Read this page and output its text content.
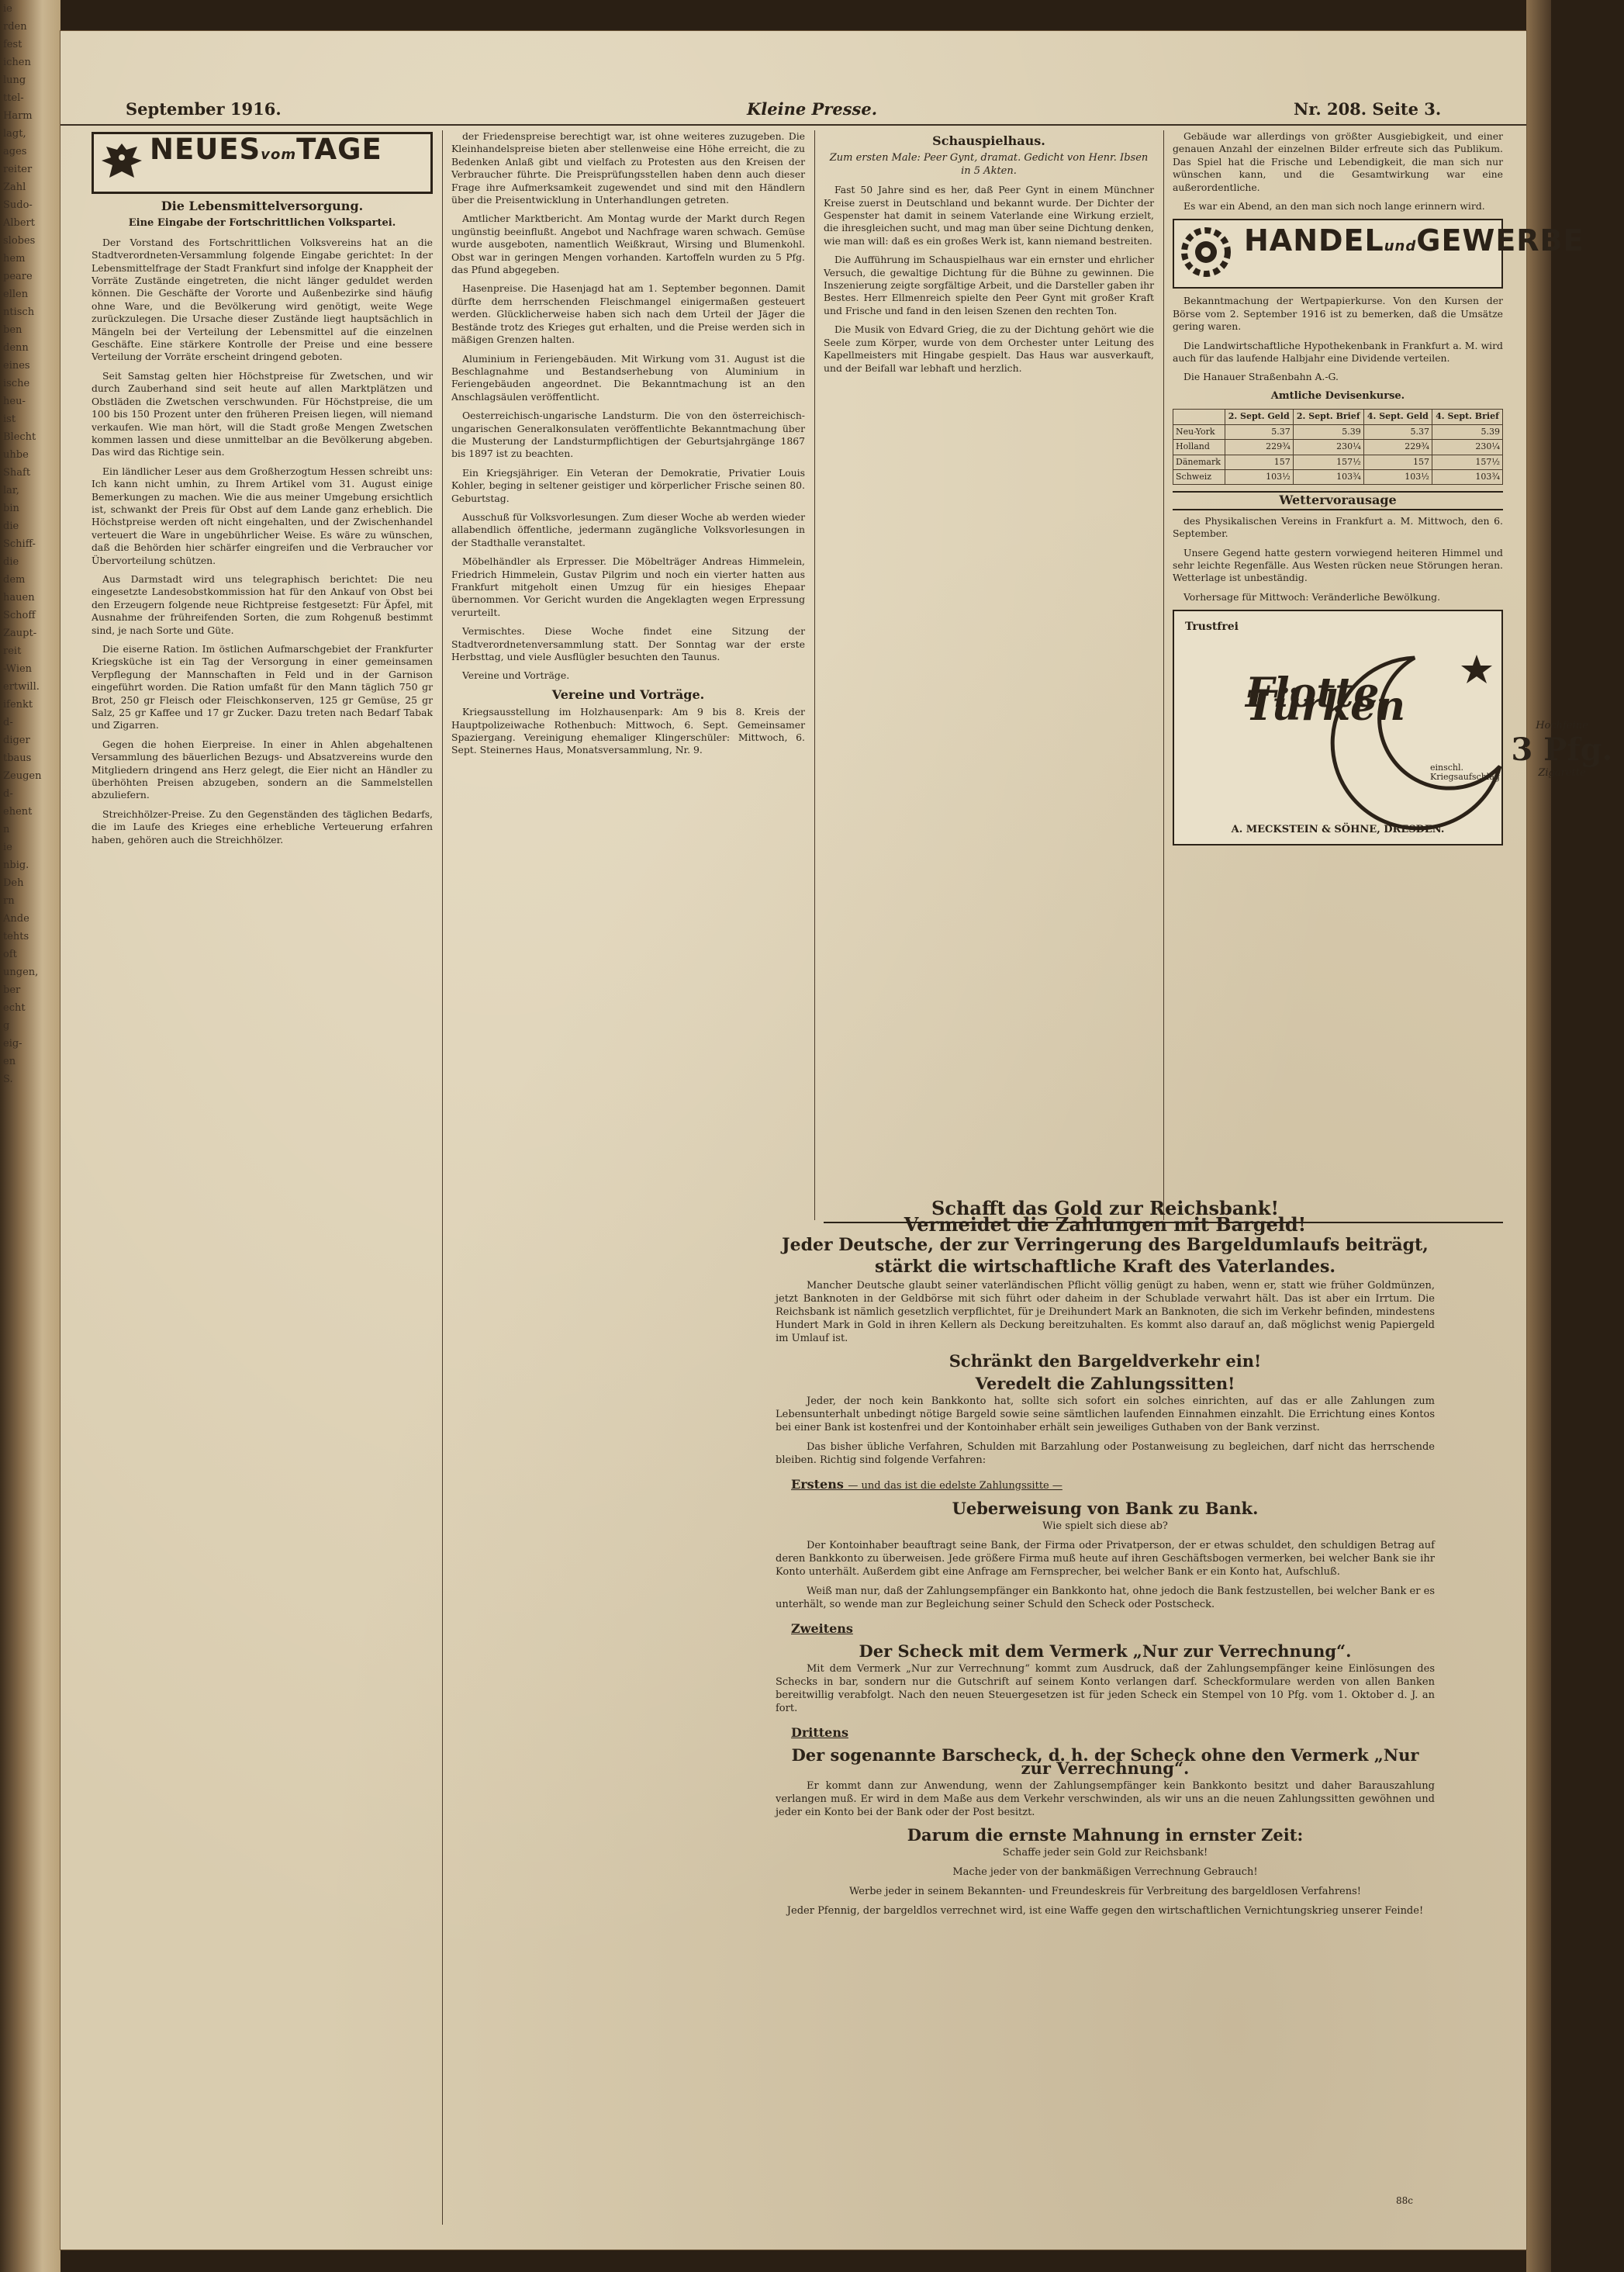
ie
rden
fest
ichen
lung
ttel-
Harm
lagt,
ages
reiter
Zahl
Sudo-
Albert
slobes
hem
peare
ellen
ntisch
ben
denn
eines
ische
heu-
ist
Blecht
uhbe
Shaft
lar,
bin
die
Schiff-
die
dem
hauen
Schoff
Zaupt-
reit
-Wien
ertwill.
ifenkt
d-
diger
tbaus
Zeugen
d-
ehent
n
ie
nbig.
Deh
rn
Ande
tehts
oft
ungen,
ber
echt
g
eig-
en
S.
September 1916.	Kleine Presse.	Nr. 208. Seite 3.
NEUESvomTAGE
Die Lebensmittelversorgung.
Eine Eingabe der Fortschrittlichen Volkspartei.

Der Vorstand des Fortschrittlichen Volksvereins hat an die Stadtverordneten-Versammlung folgende Eingabe gerichtet: In der Lebensmittelfrage der Stadt Frankfurt sind infolge der Knappheit der Vorräte Zustände eingetreten, die nicht länger geduldet werden können. Die Geschäfte der Vororte und Außenbezirke sind häufig ohne Ware, und die Bevölkerung wird genötigt, weite Wege zurückzulegen. Die Ursache dieser Zustände liegt hauptsächlich in Mängeln bei der Verteilung der Lebensmittel auf die einzelnen Geschäfte. Eine stärkere Kontrolle der Preise und eine bessere Verteilung der Vorräte erscheint dringend geboten.

Seit Samstag gelten hier Höchstpreise für Zwetschen, und wir durch Zauberhand sind seit heute auf allen Marktplätzen und Obstläden die Zwetschen verschwunden. Für Höchstpreise, die um 100 bis 150 Prozent unter den früheren Preisen liegen, will niemand verkaufen. Wie man hört, will die Stadt große Mengen Zwetschen kommen lassen und diese unmittelbar an die Bevölkerung abgeben. Das wird das Richtige sein.

Ein ländlicher Leser aus dem Großherzogtum Hessen schreibt uns: Ich kann nicht umhin, zu Ihrem Artikel vom 31. August einige Bemerkungen zu machen. Wie die aus meiner Umgebung ersichtlich ist, schwankt der Preis für Obst auf dem Lande ganz erheblich. Die Höchstpreise werden oft nicht eingehalten, und der Zwischenhandel verteuert die Ware in ungebührlicher Weise. Es wäre zu wünschen, daß die Behörden hier schärfer eingreifen und die Verbraucher vor Übervorteilung schützen.

Aus Darmstadt wird uns telegraphisch berichtet: Die neu eingesetzte Landesobstkommission hat für den Ankauf von Obst bei den Erzeugern folgende neue Richtpreise festgesetzt: Für Äpfel, mit Ausnahme der frühreifenden Sorten, die zum Rohgenuß bestimmt sind, je nach Sorte und Güte.

Die eiserne Ration. Im östlichen Aufmarschgebiet der Frankfurter Kriegsküche ist ein Tag der Versorgung in einer gemeinsamen Verpflegung der Mannschaften in Feld und in der Garnison eingeführt worden. Die Ration umfaßt für den Mann täglich 750 gr Brot, 250 gr Fleisch oder Fleischkonserven, 125 gr Gemüse, 25 gr Salz, 25 gr Kaffee und 17 gr Zucker. Dazu treten nach Bedarf Tabak und Zigarren.

Gegen die hohen Eierpreise. In einer in Ahlen abgehaltenen Versammlung des bäuerlichen Bezugs- und Absatzvereins wurde den Mitgliedern dringend ans Herz gelegt, die Eier nicht an Händler zu überhöhten Preisen abzugeben, sondern an die Sammelstellen abzuliefern.

Streichhölzer-Preise. Zu den Gegenständen des täglichen Bedarfs, die im Laufe des Krieges eine erhebliche Verteuerung erfahren haben, gehören auch die Streichhölzer.

der Friedenspreise berechtigt war, ist ohne weiteres zuzugeben. Die Kleinhandelspreise bieten aber stellenweise eine Höhe erreicht, die zu Bedenken Anlaß gibt und vielfach zu Protesten aus den Kreisen der Verbraucher führte. Die Preisprüfungsstellen haben denn auch dieser Frage ihre Aufmerksamkeit zugewendet und sind mit den Händlern über die Preisentwicklung in Unterhandlungen getreten.

Amtlicher Marktbericht. Am Montag wurde der Markt durch Regen ungünstig beeinflußt. Angebot und Nachfrage waren schwach. Gemüse wurde ausgeboten, namentlich Weißkraut, Wirsing und Blumenkohl. Obst war in geringen Mengen vorhanden. Kartoffeln wurden zu 5 Pfg. das Pfund abgegeben.

Hasenpreise. Die Hasenjagd hat am 1. September begonnen. Damit dürfte dem herrschenden Fleischmangel einigermaßen gesteuert werden. Glücklicherweise haben sich nach dem Urteil der Jäger die Bestände trotz des Krieges gut erhalten, und die Preise werden sich in mäßigen Grenzen halten.

Aluminium in Feriengebäuden. Mit Wirkung vom 31. August ist die Beschlagnahme und Bestandserhebung von Aluminium in Feriengebäuden angeordnet. Die Bekanntmachung ist an den Anschlagsäulen veröffentlicht.

Oesterreichisch-ungarische Landsturm. Die von den österreichisch-ungarischen Generalkonsulaten veröffentlichte Bekanntmachung über die Musterung der Landsturmpflichtigen der Geburtsjahrgänge 1867 bis 1897 ist zu beachten.

Ein Kriegsjähriger. Ein Veteran der Demokratie, Privatier Louis Kohler, beging in seltener geistiger und körperlicher Frische seinen 80. Geburtstag.

Ausschuß für Volksvorlesungen. Zum dieser Woche ab werden wieder allabendlich öffentliche, jedermann zugängliche Volksvorlesungen in der Stadthalle veranstaltet.

Möbelhändler als Erpresser. Die Möbelträger Andreas Himmelein, Friedrich Himmelein, Gustav Pilgrim und noch ein vierter hatten aus Frankfurt mitgeholt einen Umzug für ein hiesiges Ehepaar übernommen. Vor Gericht wurden die Angeklagten wegen Erpressung verurteilt.

Vermischtes. Diese Woche findet eine Sitzung der Stadtverordnetenversammlung statt. Der Sonntag war der erste Herbsttag, und viele Ausflügler besuchten den Taunus.

Vereine und Vorträge.

Vereine und Vorträge.

Kriegsausstellung im Holzhausenpark: Am 9 bis 8. Kreis der Hauptpolizeiwache Rothenbuch: Mittwoch, 6. Sept. Gemeinsamer Spaziergang. Vereinigung ehemaliger Klingerschüler: Mittwoch, 6. Sept. Steinernes Haus, Monatsversammlung, Nr. 9.

Schauspielhaus.
Zum ersten Male: Peer Gynt, dramat. Gedicht von Henr. Ibsen in 5 Akten.

Fast 50 Jahre sind es her, daß Peer Gynt in einem Münchner Kreise zuerst in Deutschland und bekannt wurde. Der Dichter der Gespenster hat damit in seinem Vaterlande eine Wirkung erzielt, die ihresgleichen sucht, und mag man über seine Dichtung denken, wie man will: daß es ein großes Werk ist, kann niemand bestreiten.

Die Aufführung im Schauspielhaus war ein ernster und ehrlicher Versuch, die gewaltige Dichtung für die Bühne zu gewinnen. Die Inszenierung zeigte sorgfältige Arbeit, und die Darsteller gaben ihr Bestes. Herr Ellmenreich spielte den Peer Gynt mit großer Kraft und Frische und fand in den leisen Szenen den rechten Ton.

Die Musik von Edvard Grieg, die zu der Dichtung gehört wie die Seele zum Körper, wurde von dem Orchester unter Leitung des Kapellmeisters mit Hingabe gespielt. Das Haus war ausverkauft, und der Beifall war lebhaft und herzlich.

Gebäude war allerdings von größter Ausgiebigkeit, und einer genauen Anzahl der einzelnen Bilder erfreute sich das Publikum. Das Spiel hat die Frische und Lebendigkeit, die man sich nur wünschen kann, und die Gesamtwirkung war eine außerordentliche.

Es war ein Abend, an den man sich noch lange erinnern wird.

HANDELundGEWERBE

Bekanntmachung der Wertpapierkurse. Von den Kursen der Börse vom 2. September 1916 ist zu bemerken, daß die Umsätze gering waren.

Die Landwirtschaftliche Hypothekenbank in Frankfurt a. M. wird auch für das laufende Halbjahr eine Dividende verteilen.

Die Hanauer Straßenbahn A.-G.

Amtliche Devisenkurse.
	2. Sept. Geld	2. Sept. Brief	4. Sept. Geld	4. Sept. Brief
Neu-York	5.37	5.39	5.37	5.39
Holland	229¾	230¼	229¾	230¼
Dänemark	157	157½	157	157½
Schweiz	103½	103¾	103½	103¾
Wettervorausage

des Physikalischen Vereins in Frankfurt a. M. Mittwoch, den 6. September.

Unsere Gegend hatte gestern vorwiegend heiteren Himmel und sehr leichte Regenfälle. Aus Westen rücken neue Störungen heran. Wetterlage ist unbeständig.

Vorhersage für Mittwoch: Veränderliche Bewölkung.

Trustfrei
Flotte Türken	Hochfeine
3 Pfg.
Zigarette
einschl. Kriegsaufschlag
A. MECKSTEIN & SÖHNE, DRESDEN.
Schafft das Gold zur Reichsbank!
Vermeidet die Zahlungen mit Bargeld!
Jeder Deutsche, der zur Verringerung des Bargeldumlaufs beiträgt, stärkt die wirtschaftliche Kraft des Vaterlandes.

Mancher Deutsche glaubt seiner vaterländischen Pflicht völlig genügt zu haben, wenn er, statt wie früher Goldmünzen, jetzt Banknoten in der Geldbörse mit sich führt oder daheim in der Schublade verwahrt hält. Das ist aber ein Irrtum. Die Reichsbank ist nämlich gesetzlich verpflichtet, für je Dreihundert Mark an Banknoten, die sich im Verkehr befinden, mindestens Hundert Mark in Gold in ihren Kellern als Deckung bereitzuhalten. Es kommt also darauf an, daß möglichst wenig Papiergeld im Umlauf ist.

Schränkt den Bargeldverkehr ein!
Veredelt die Zahlungssitten!

Jeder, der noch kein Bankkonto hat, sollte sich sofort ein solches einrichten, auf das er alle Zahlungen zum Lebensunterhalt unbedingt nötige Bargeld sowie seine sämtlichen laufenden Einnahmen einzahlt. Die Errichtung eines Kontos bei einer Bank ist kostenfrei und der Kontoinhaber erhält sein jeweiliges Guthaben von der Bank verzinst.

Das bisher übliche Verfahren, Schulden mit Barzahlung oder Postanweisung zu begleichen, darf nicht das herrschende bleiben. Richtig sind folgende Verfahren:

Erstens — und das ist die edelste Zahlungssitte —
Ueberweisung von Bank zu Bank.

Wie spielt sich diese ab?

Der Kontoinhaber beauftragt seine Bank, der Firma oder Privatperson, der er etwas schuldet, den schuldigen Betrag auf deren Bankkonto zu überweisen. Jede größere Firma muß heute auf ihren Geschäftsbogen vermerken, bei welcher Bank sie ihr Konto unterhält. Außerdem gibt eine Anfrage am Fernsprecher, bei welcher Bank er ein Konto hat, Aufschluß.

Weiß man nur, daß der Zahlungsempfänger ein Bankkonto hat, ohne jedoch die Bank festzustellen, bei welcher Bank er es unterhält, so wende man zur Begleichung seiner Schuld den Scheck oder Postscheck.

Zweitens
Der Scheck mit dem Vermerk „Nur zur Verrechnung“.

Mit dem Vermerk „Nur zur Verrechnung“ kommt zum Ausdruck, daß der Zahlungsempfänger keine Einlösungen des Schecks in bar, sondern nur die Gutschrift auf seinem Konto verlangen darf. Scheckformulare werden von allen Banken bereitwillig verabfolgt. Nach den neuen Steuergesetzen ist für jeden Scheck ein Stempel von 10 Pfg. vom 1. Oktober d. J. an fort.

Drittens
Der sogenannte Barscheck, d. h. der Scheck ohne den Vermerk „Nur zur Verrechnung“.

Er kommt dann zur Anwendung, wenn der Zahlungsempfänger kein Bankkonto besitzt und daher Barauszahlung verlangen muß. Er wird in dem Maße aus dem Verkehr verschwinden, als wir uns an die neuen Zahlungssitten gewöhnen und jeder ein Konto bei der Bank oder der Post besitzt.

Darum die ernste Mahnung in ernster Zeit:

Schaffe jeder sein Gold zur Reichsbank!

Mache jeder von der bankmäßigen Verrechnung Gebrauch!

Werbe jeder in seinem Bekannten- und Freundeskreis für Verbreitung des bargeldlosen Verfahrens!

Jeder Pfennig, der bargeldlos verrechnet wird, ist eine Waffe gegen den wirtschaftlichen Vernichtungskrieg unserer Feinde!

88c
